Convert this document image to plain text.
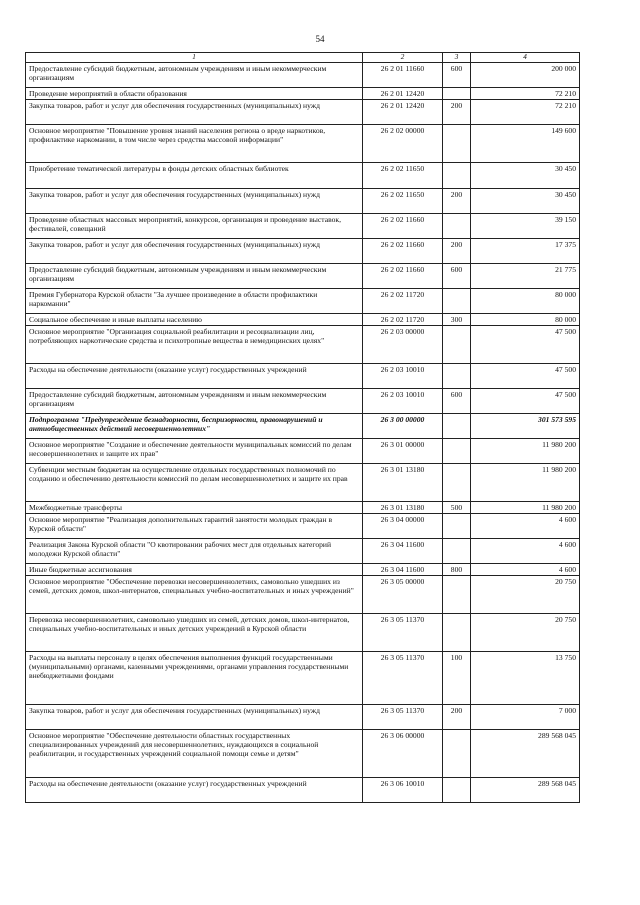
54
1	2	3	4
Предоставление субсидий бюджетным, автономным учреждениям и иным некоммерческим организациям	26 2 01 11660	600	200 000
Проведение мероприятий в области образования	26 2 01 12420		72 210
Закупка товаров, работ и услуг для обеспечения государственных (муниципальных) нужд	26 2 01 12420	200	72 210
Основное мероприятие "Повышение уровня знаний населения региона о вреде наркотиков, профилактике наркомании, в том числе через средства массовой информации"	26 2 02 00000		149 600
Приобретение тематической литературы в фонды детских областных библиотек	26 2 02 11650		30 450
Закупка товаров, работ и услуг для обеспечения государственных (муниципальных) нужд	26 2 02 11650	200	30 450
Проведение областных массовых мероприятий, конкурсов, организация и проведение выставок, фестивалей, совещаний	26 2 02 11660		39 150
Закупка товаров, работ и услуг для обеспечения государственных (муниципальных) нужд	26 2 02 11660	200	17 375
Предоставление субсидий бюджетным, автономным учреждениям и иным некоммерческим организациям	26 2 02 11660	600	21 775
Премия Губернатора Курской области "За лучшее произведение в области профилактики наркомании"	26 2 02 11720		80 000
Социальное обеспечение и иные выплаты населению	26 2 02 11720	300	80 000
Основное мероприятие "Организация социальной реабилитации и ресоциализации лиц, потребляющих наркотические средства и психотропные вещества в немедицинских целях"	26 2 03 00000		47 500
Расходы на обеспечение деятельности (оказание услуг) государственных учреждений	26 2 03 10010		47 500
Предоставление субсидий бюджетным, автономным учреждениям и иным некоммерческим организациям	26 2 03 10010	600	47 500
Подпрограмма "Предупреждение безнадзорности, беспризорности, правонарушений и антиобщественных действий несовершеннолетних"	26 3 00 00000		301 573 595
Основное мероприятие "Создание и обеспечение деятельности муниципальных комиссий по делам несовершеннолетних и защите их прав"	26 3 01 00000		11 980 200
Субвенции местным бюджетам на осуществление отдельных государственных полномочий по созданию и обеспечению деятельности комиссий по делам несовершеннолетних и защите их прав	26 3 01 13180		11 980 200
Межбюджетные трансферты	26 3 01 13180	500	11 980 200
Основное мероприятие "Реализация дополнительных гарантий занятости молодых граждан в Курской области"	26 3 04 00000		4 600
Реализация Закона Курской области "О квотировании рабочих мест для отдельных категорий молодежи Курской области"	26 3 04 11600		4 600
Иные бюджетные ассигнования	26 3 04 11600	800	4 600
Основное мероприятие "Обеспечение перевозки несовершеннолетних, самовольно ушедших из семей, детских домов, школ-интернатов, специальных учебно-воспитательных и иных учреждений"	26 3 05 00000		20 750
Перевозка несовершеннолетних, самовольно ушедших из семей, детских домов, школ-интернатов, специальных учебно-воспитательных и иных детских учреждений в Курской области	26 3 05 11370		20 750
Расходы на выплаты персоналу в целях обеспечения выполнения функций государственными (муниципальными) органами, казенными учреждениями, органами управления государственными внебюджетными фондами	26 3 05 11370	100	13 750
Закупка товаров, работ и услуг для обеспечения государственных (муниципальных) нужд	26 3 05 11370	200	7 000
Основное мероприятие "Обеспечение деятельности областных государственных специализированных учреждений для несовершеннолетних, нуждающихся в социальной реабилитации, и государственных учреждений социальной помощи семье и детям"	26 3 06 00000		289 568 045
Расходы на обеспечение деятельности (оказание услуг) государственных учреждений	26 3 06 10010		289 568 045
